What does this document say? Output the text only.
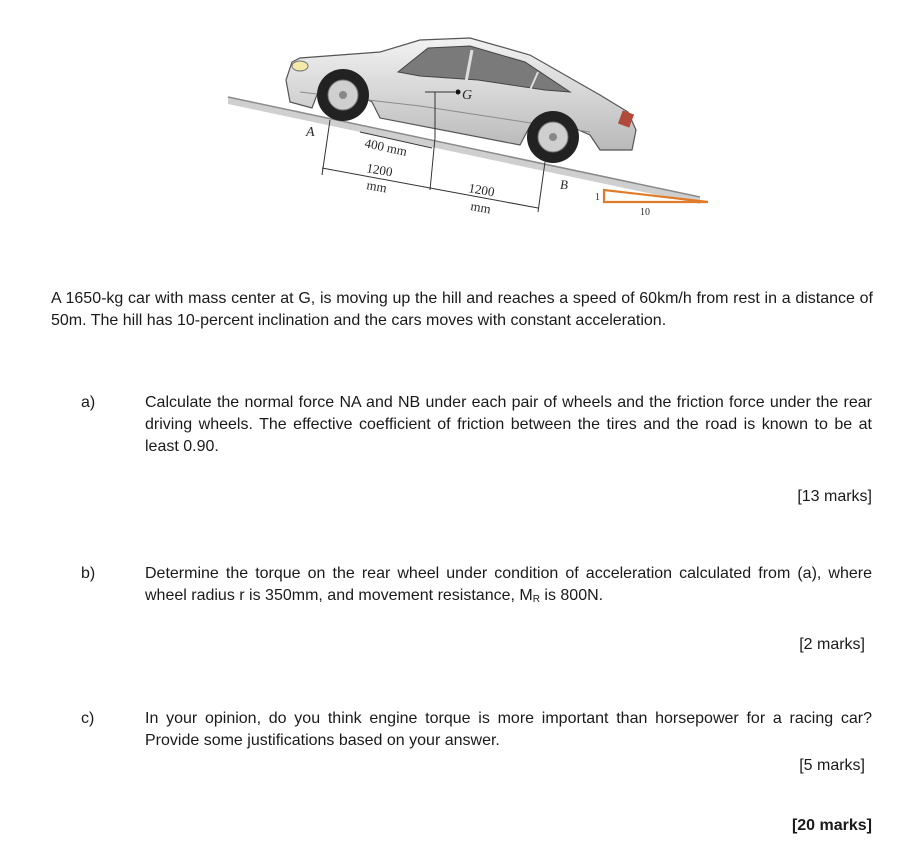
G
A
B
400 mm
1200
mm	1200
mm
1
10
A 1650-kg car with mass center at G, is moving up the hill and reaches a speed of 60km/h from rest in a distance of 50m. The hill has 10-percent inclination and the cars moves with constant acceleration.
a)	Calculate the normal force NA and NB under each pair of wheels and the friction force under the rear driving wheels. The effective coefficient of friction between the tires and the road is known to be at least 0.90.
[13 marks]
b)	Determine the torque on the rear wheel under condition of acceleration calculated from (a), where wheel radius r is 350mm, and movement resistance, $M_R$ is 800N.
[2 marks]
c)	In your opinion, do you think engine torque is more important than horsepower for a racing car? Provide some justifications based on your answer.
[5 marks]
[20 marks]
